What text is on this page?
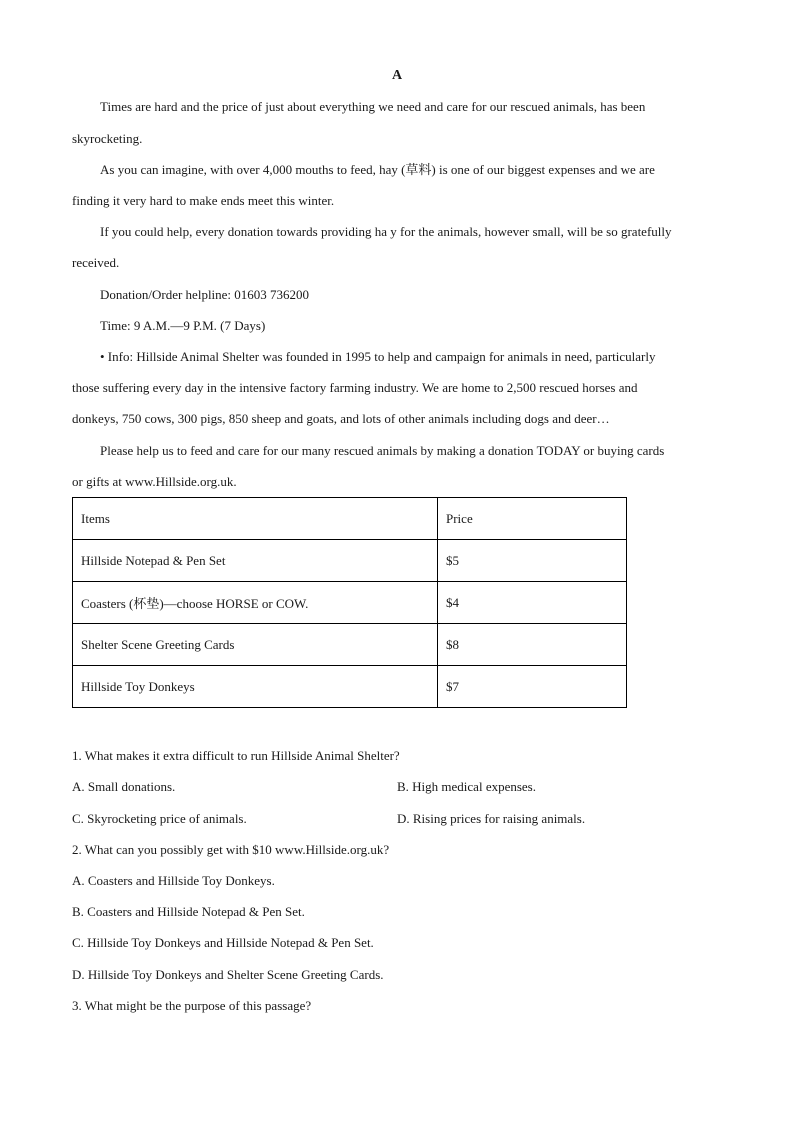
A
Times are hard and the price of just about everything we need and care for our rescued animals, has been
skyrocketing.
As you can imagine, with over 4,000 mouths to feed, hay (草料) is one of our biggest expenses and we are
finding it very hard to make ends meet this winter.
If you could help, every donation towards providing ha y for the animals, however small, will be so gratefully
received.
Donation/Order helpline: 01603 736200
Time: 9 A.M.—9 P.M. (7 Days)
• Info: Hillside Animal Shelter was founded in 1995 to help and campaign for animals in need, particularly
those suffering every day in the intensive factory farming industry. We are home to 2,500 rescued horses and
donkeys, 750 cows, 300 pigs, 850 sheep and goats, and lots of other animals including dogs and deer…
Please help us to feed and care for our many rescued animals by making a donation TODAY or buying cards
or gifts at www.Hillside.org.uk.
Items	Price
Hillside Notepad & Pen Set	$5
Coasters (杯垫)—choose HORSE or COW.	$4
Shelter Scene Greeting Cards	$8
Hillside Toy Donkeys	$7
1. What makes it extra difficult to run Hillside Animal Shelter?
A. Small donations.	B. High medical expenses.
C. Skyrocketing price of animals.	D. Rising prices for raising animals.
2. What can you possibly get with $10 www.Hillside.org.uk?
A. Coasters and Hillside Toy Donkeys.
B. Coasters and Hillside Notepad & Pen Set.
C. Hillside Toy Donkeys and Hillside Notepad & Pen Set.
D. Hillside Toy Donkeys and Shelter Scene Greeting Cards.
3. What might be the purpose of this passage?
